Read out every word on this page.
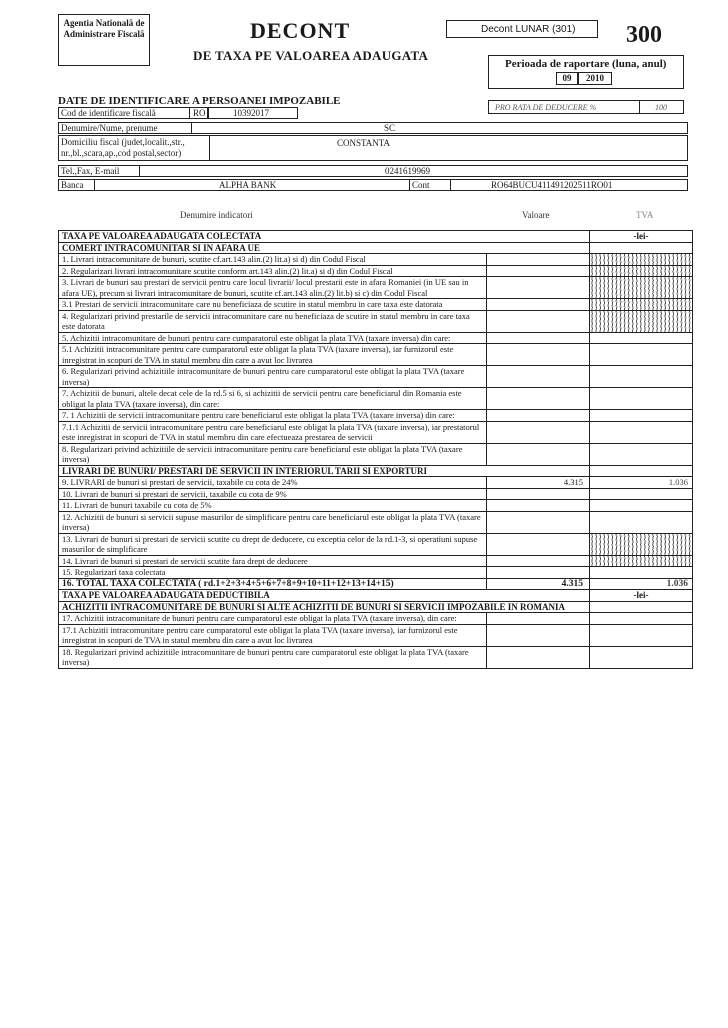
Agentia Nationalã de Administrare Fiscalã	DECONT
DE TAXA PE VALOAREA ADAUGATA
Decont LUNAR (301)	300
Perioada de raportare (luna, anul)
09	2010
DATE DE IDENTIFICARE A PERSOANEI IMPOZABILE
PRO RATA DE DEDUCERE %	100
Cod de identificare fiscalã	RO	10392017
Denumire/Nume, prenume	SC
Domiciliu fiscal (judet,localit.,str., nr.,bl.,scara,ap.,cod postal,sector)
CONSTANTA
Tel.,Fax, E-mail	0241619969
Banca	ALPHA BANK	Cont	RO64BUCU411491202511RO01
Denumire indicatori	Valoare	TVA
TAXA PE VALOAREA ADAUGATA COLECTATA		-lei-
COMERT INTRACOMUNITAR SI IN AFARA UE		
1. Livrari intracomunitare de bunuri, scutite cf.art.143 alin.(2) lit.a) si d) din Codul Fiscal		
2. Regularizari livrari intracomunitare scutite conform art.143 alin.(2) lit.a) si d) din Codul Fiscal		
3. Livrari de bunuri sau prestari de servicii pentru care locul livrarii/ locul prestarii este in afara Romaniei (in UE sau in afara UE), precum si livrari intracomunitare de bunuri, scutite cf.art.143 alin.(2) lit.b) si c) din Codul Fiscal		
3.1 Prestari de servicii intracomunitare care nu beneficiaza de scutire in statul membru in care taxa este datorata		
4. Regularizari privind prestarile de servicii intracomunitare care nu beneficiaza de scutire in statul membru in care taxa este datorata		
5. Achizitii intracomunitare de bunuri pentru care cumparatorul este obligat la plata TVA (taxare inversa) din care:		
5.1 Achizitii intracomunitare pentru care cumparatorul este obligat la plata TVA (taxare inversa), iar furnizorul este inregistrat in scopuri de TVA in statul membru din care a avut loc livrarea		
6. Regularizari privind achizitiile intracomunitare de bunuri pentru care cumparatorul este obligat la plata TVA (taxare inversa)		
7. Achizitii de bunuri, altele decat cele de la rd.5 si 6, si achizitii de servicii pentru care beneficiarul din Romania este obligat la plata TVA (taxare inversa), din care:		
7. 1 Achizitii de servicii intracomunitare pentru care beneficiarul este obligat la plata TVA (taxare inversa) din care:		
7.1.1 Achizitii de servicii intracomunitare pentru care beneficiarul este obligat la plata TVA (taxare inversa), iar prestatorul este inregistrat in scopuri de TVA in statul membru din care efectueaza prestarea de servicii		
8. Regularizari privind achizitiile de servicii intracomunitare pentru care beneficiarul este obligat la plata TVA (taxare inversa)		
LIVRARI DE BUNURI/ PRESTARI DE SERVICII IN INTERIORUL TARII SI EXPORTURI		
9. LIVRARI de bunuri si prestari de servicii, taxabile cu cota de 24%	4.315	1.036
10. Livrari de bunuri si prestari de servicii, taxabile cu cota de 9%		
11. Livrari de bunuri taxabile cu cota de 5%		
12. Achizitii de bunuri si servicii supuse masurilor de simplificare pentru care beneficiarul este obligat la plata TVA (taxare inversa)		
13. Livrari de bunuri si prestari de servicii scutite cu drept de deducere, cu exceptia celor de la rd.1-3, si operatiuni supuse masurilor de simplificare		
14. Livrari de bunuri si prestari de servicii scutite fara drept de deducere		
15. Regularizari taxa colectata		
16. TOTAL TAXA COLECTATA ( rd.1+2+3+4+5+6+7+8+9+10+11+12+13+14+15)	4.315	1.036
TAXA PE VALOAREA ADAUGATA DEDUCTIBILA		-lei-
ACHIZITII INTRACOMUNITARE DE BUNURI SI ALTE ACHIZITII DE BUNURI SI SERVICII IMPOZABILE IN ROMANIA		
17. Achizitii intracomunitare de bunuri pentru care cumparatorul este obligat la plata TVA (taxare inversa), din care:		
17.1 Achizitii intracomunitare pentru care cumparatorul este obligat la plata TVA (taxare inversa), iar furnizorul este inregistrat in scopuri de TVA in statul membru din care a avut loc livrarea		
18. Regularizari privind achizitiile intracomunitare de bunuri pentru care cumparatorul este obligat la plata TVA (taxare inversa)		
